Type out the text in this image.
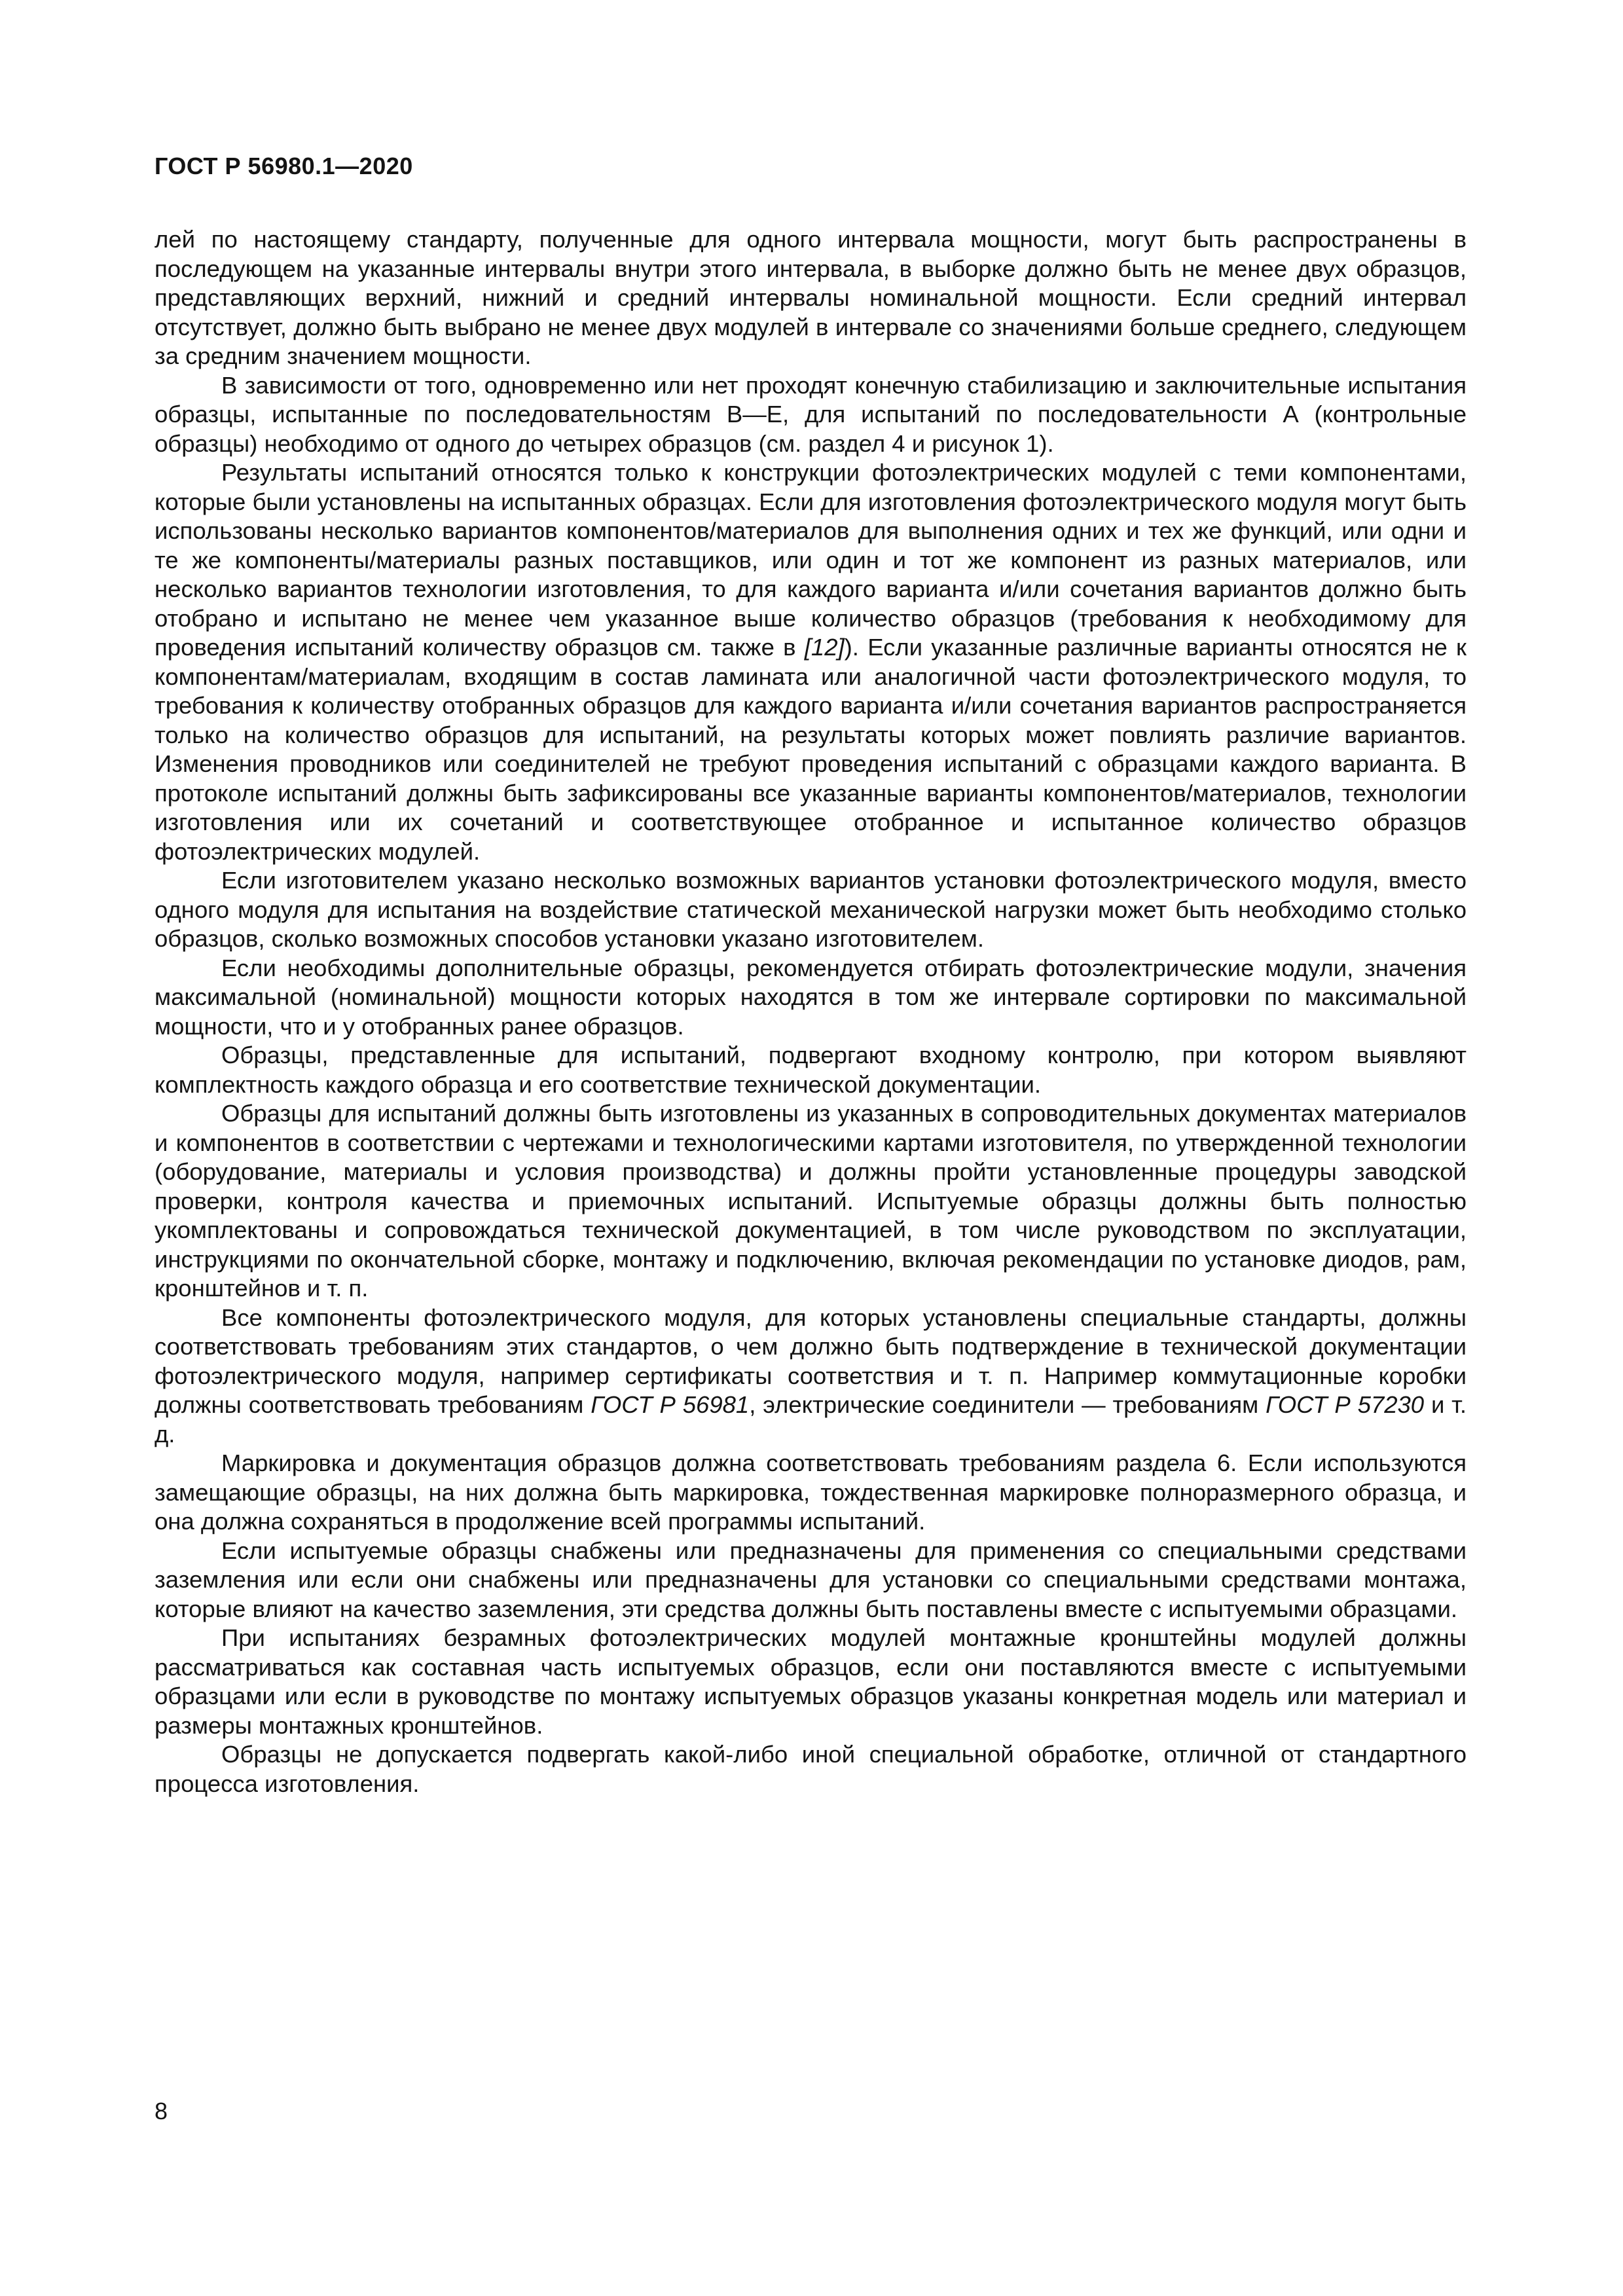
ГОСТ Р 56980.1—2020

лей по настоящему стандарту, полученные для одного интервала мощности, могут быть распространены в последующем на указанные интервалы внутри этого интервала, в выборке должно быть не менее двух образцов, представляющих верхний, нижний и средний интервалы номинальной мощности. Если средний интервал отсутствует, должно быть выбрано не менее двух модулей в интервале со значениями больше среднего, следующем за средним значением мощности.

В зависимости от того, одновременно или нет проходят конечную стабилизацию и заключительные испытания образцы, испытанные по последовательностям В—Е, для испытаний по последовательности А (контрольные образцы) необходимо от одного до четырех образцов (см. раздел 4 и рисунок 1).

Результаты испытаний относятся только к конструкции фотоэлектрических модулей с теми компонентами, которые были установлены на испытанных образцах. Если для изготовления фотоэлектрического модуля могут быть использованы несколько вариантов компонентов/материалов для выполнения одних и тех же функций, или одни и те же компоненты/материалы разных поставщиков, или один и тот же компонент из разных материалов, или несколько вариантов технологии изготовления, то для каждого варианта и/или сочетания вариантов должно быть отобрано и испытано не менее чем указанное выше количество образцов (требования к необходимому для проведения испытаний количеству образцов см. также в [12]). Если указанные различные варианты относятся не к компонентам/материалам, входящим в состав ламината или аналогичной части фотоэлектрического модуля, то требования к количеству отобранных образцов для каждого варианта и/или сочетания вариантов распространяется только на количество образцов для испытаний, на результаты которых может повлиять различие вариантов. Изменения проводников или соединителей не требуют проведения испытаний с образцами каждого варианта. В протоколе испытаний должны быть зафиксированы все указанные варианты компонентов/материалов, технологии изготовления или их сочетаний и соответствующее отобранное и испытанное количество образцов фотоэлектрических модулей.

Если изготовителем указано несколько возможных вариантов установки фотоэлектрического модуля, вместо одного модуля для испытания на воздействие статической механической нагрузки может быть необходимо столько образцов, сколько возможных способов установки указано изготовителем.

Если необходимы дополнительные образцы, рекомендуется отбирать фотоэлектрические модули, значения максимальной (номинальной) мощности которых находятся в том же интервале сортировки по максимальной мощности, что и у отобранных ранее образцов.

Образцы, представленные для испытаний, подвергают входному контролю, при котором выявляют комплектность каждого образца и его соответствие технической документации.

Образцы для испытаний должны быть изготовлены из указанных в сопроводительных документах материалов и компонентов в соответствии с чертежами и технологическими картами изготовителя, по утвержденной технологии (оборудование, материалы и условия производства) и должны пройти установленные процедуры заводской проверки, контроля качества и приемочных испытаний. Испытуемые образцы должны быть полностью укомплектованы и сопровождаться технической документацией, в том числе руководством по эксплуатации, инструкциями по окончательной сборке, монтажу и подключению, включая рекомендации по установке диодов, рам, кронштейнов и т. п.

Все компоненты фотоэлектрического модуля, для которых установлены специальные стандарты, должны соответствовать требованиям этих стандартов, о чем должно быть подтверждение в технической документации фотоэлектрического модуля, например сертификаты соответствия и т. п. Например коммутационные коробки должны соответствовать требованиям ГОСТ Р 56981, электрические соединители — требованиям ГОСТ Р 57230 и т. д.

Маркировка и документация образцов должна соответствовать требованиям раздела 6. Если используются замещающие образцы, на них должна быть маркировка, тождественная маркировке полноразмерного образца, и она должна сохраняться в продолжение всей программы испытаний.

Если испытуемые образцы снабжены или предназначены для применения со специальными средствами заземления или если они снабжены или предназначены для установки со специальными средствами монтажа, которые влияют на качество заземления, эти средства должны быть поставлены вместе с испытуемыми образцами.

При испытаниях безрамных фотоэлектрических модулей монтажные кронштейны модулей должны рассматриваться как составная часть испытуемых образцов, если они поставляются вместе с испытуемыми образцами или если в руководстве по монтажу испытуемых образцов указаны конкретная модель или материал и размеры монтажных кронштейнов.

Образцы не допускается подвергать какой-либо иной специальной обработке, отличной от стандартного процесса изготовления.

8
